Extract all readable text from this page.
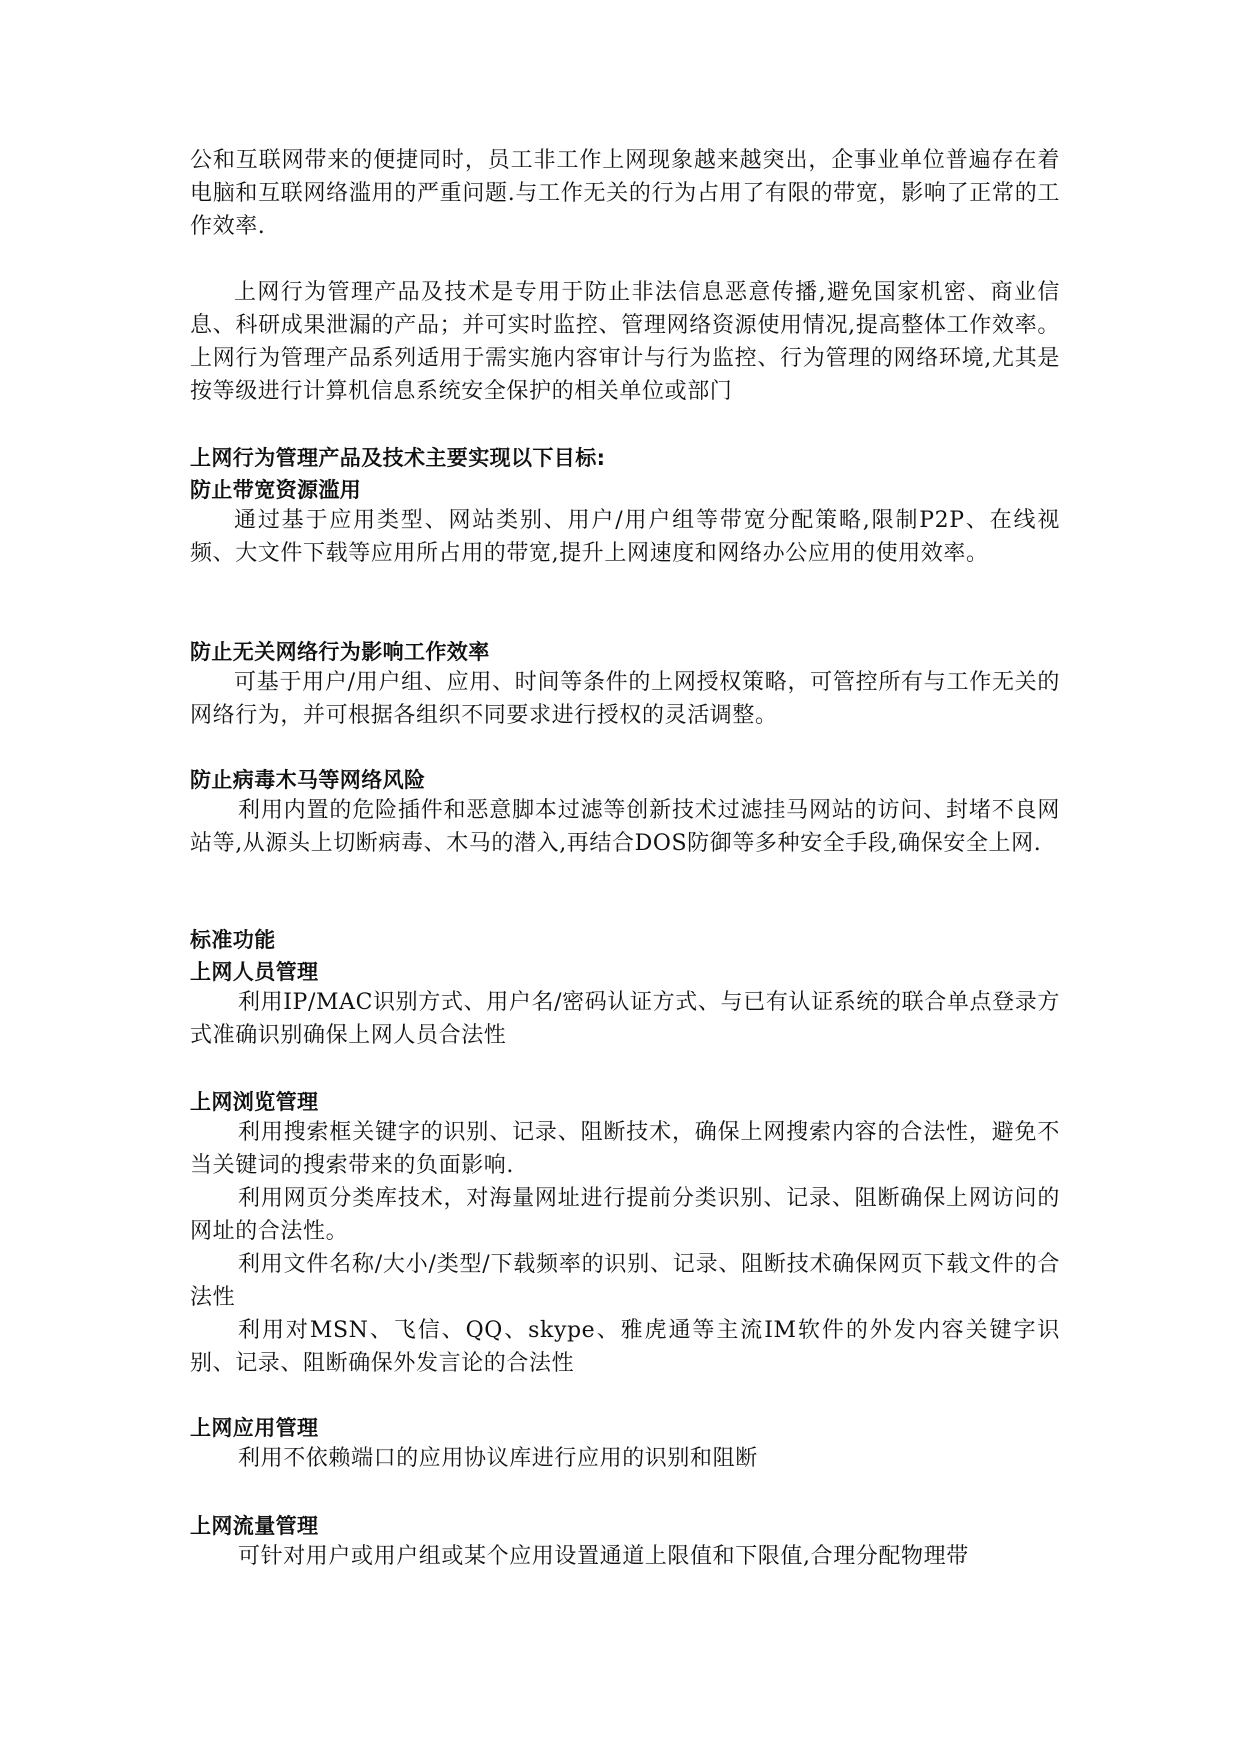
公和互联网带来的便捷同时，员工非工作上网现象越来越突出，企事业单位普遍存在着电脑和互联网络滥用的严重问题.与工作无关的行为占用了有限的带宽，影响了正常的工作效率.

上网行为管理产品及技术是专用于防止非法信息恶意传播,避免国家机密、商业信息、科研成果泄漏的产品；并可实时监控、管理网络资源使用情况,提高整体工作效率。上网行为管理产品系列适用于需实施内容审计与行为监控、行为管理的网络环境,尤其是按等级进行计算机信息系统安全保护的相关单位或部门

上网行为管理产品及技术主要实现以下目标:
防止带宽资源滥用

通过基于应用类型、网站类别、用户/用户组等带宽分配策略,限制P2P、在线视频、大文件下载等应用所占用的带宽,提升上网速度和网络办公应用的使用效率。

防止无关网络行为影响工作效率

可基于用户/用户组、应用、时间等条件的上网授权策略，可管控所有与工作无关的网络行为，并可根据各组织不同要求进行授权的灵活调整。

防止病毒木马等网络风险

利用内置的危险插件和恶意脚本过滤等创新技术过滤挂马网站的访问、封堵不良网站等,从源头上切断病毒、木马的潜入,再结合DOS防御等多种安全手段,确保安全上网.

标准功能
上网人员管理

利用IP/MAC识别方式、用户名/密码认证方式、与已有认证系统的联合单点登录方式准确识别确保上网人员合法性

上网浏览管理

利用搜索框关键字的识别、记录、阻断技术，确保上网搜索内容的合法性，避免不当关键词的搜索带来的负面影响.

利用网页分类库技术，对海量网址进行提前分类识别、记录、阻断确保上网访问的网址的合法性。

利用文件名称/大小/类型/下载频率的识别、记录、阻断技术确保网页下载文件的合法性

利用对MSN、飞信、QQ、skype、雅虎通等主流IM软件的外发内容关键字识别、记录、阻断确保外发言论的合法性

上网应用管理

利用不依赖端口的应用协议库进行应用的识别和阻断

上网流量管理

可针对用户或用户组或某个应用设置通道上限值和下限值,合理分配物理带
